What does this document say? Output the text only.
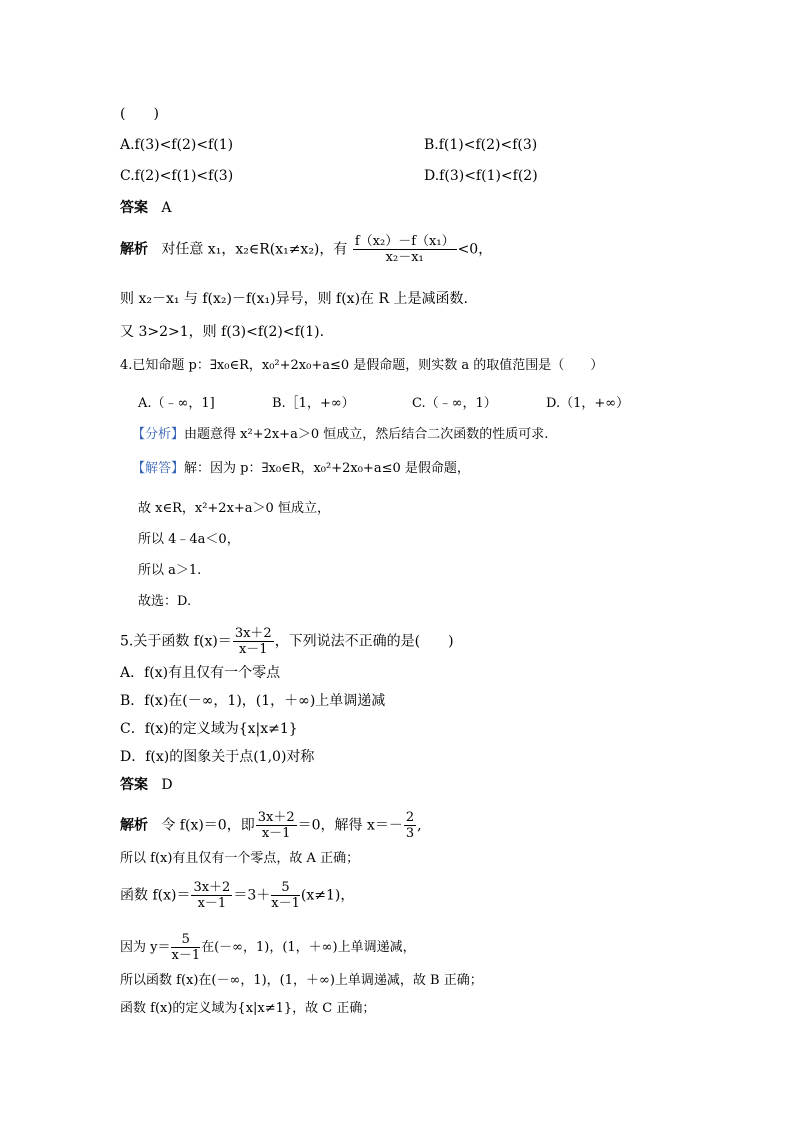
(　　)
A.f(3)<f(2)<f(1)	B.f(1)<f(2)<f(3)
C.f(2)<f(1)<f(3)	D.f(3)<f(1)<f(2)
答案 A
解析 对任意 x₁，x₂∈R(x₁≠x₂)，有 $\frac{\text{f（x₂）－f（x₁）}}{\text{x₂－x₁}} <0$，
则 x₂－x₁ 与 f(x₂)－f(x₁)异号，则 f(x)在 R 上是减函数.
又 3>2>1，则 f(3)<f(2)<f(1).
4.已知命题 p：∃x₀∈R，x₀²+2x₀+a≤0 是假命题，则实数 a 的取值范围是（　　）
A.（﹣∞，1]	B.［1，+∞）	C.（﹣∞，1）	D.（1，+∞）
【分析】由题意得 x²+2x+a＞0 恒成立，然后结合二次函数的性质可求.
【解答】解：因为 p：∃x₀∈R，x₀²+2x₀+a≤0 是假命题，
故 x∈R，x²+2x+a＞0 恒成立，
所以 4﹣4a＜0，
所以 a＞1.
故选：D.
5.关于函数 $f(x)= \frac{3x+2}{x-1}$ ，下列说法不正确的是(　　)
A．f(x)有且仅有一个零点
B．f(x)在(－∞，1)，(1，＋∞)上单调递减
C．f(x)的定义域为{x|x≠1}
D．f(x)的图象关于点(1,0)对称
答案 D
解析 令 f(x)＝0，即 $\frac{3x+2}{x-1} =0$，解得 $x=- \frac{2}{3}$ ,
所以 f(x)有且仅有一个零点，故 A 正确；
函数 $f(x)= \frac{3x+2}{x-1} =3+ \frac{5}{x-1} (x\ne 1)$，
因为 $y= \frac{5}{x-1}$ 在(－∞，1)，(1，＋∞)上单调递减，
所以函数 f(x)在(－∞，1)，(1，＋∞)上单调递减，故 B 正确；
函数 f(x)的定义域为{x|x≠1}，故 C 正确；
